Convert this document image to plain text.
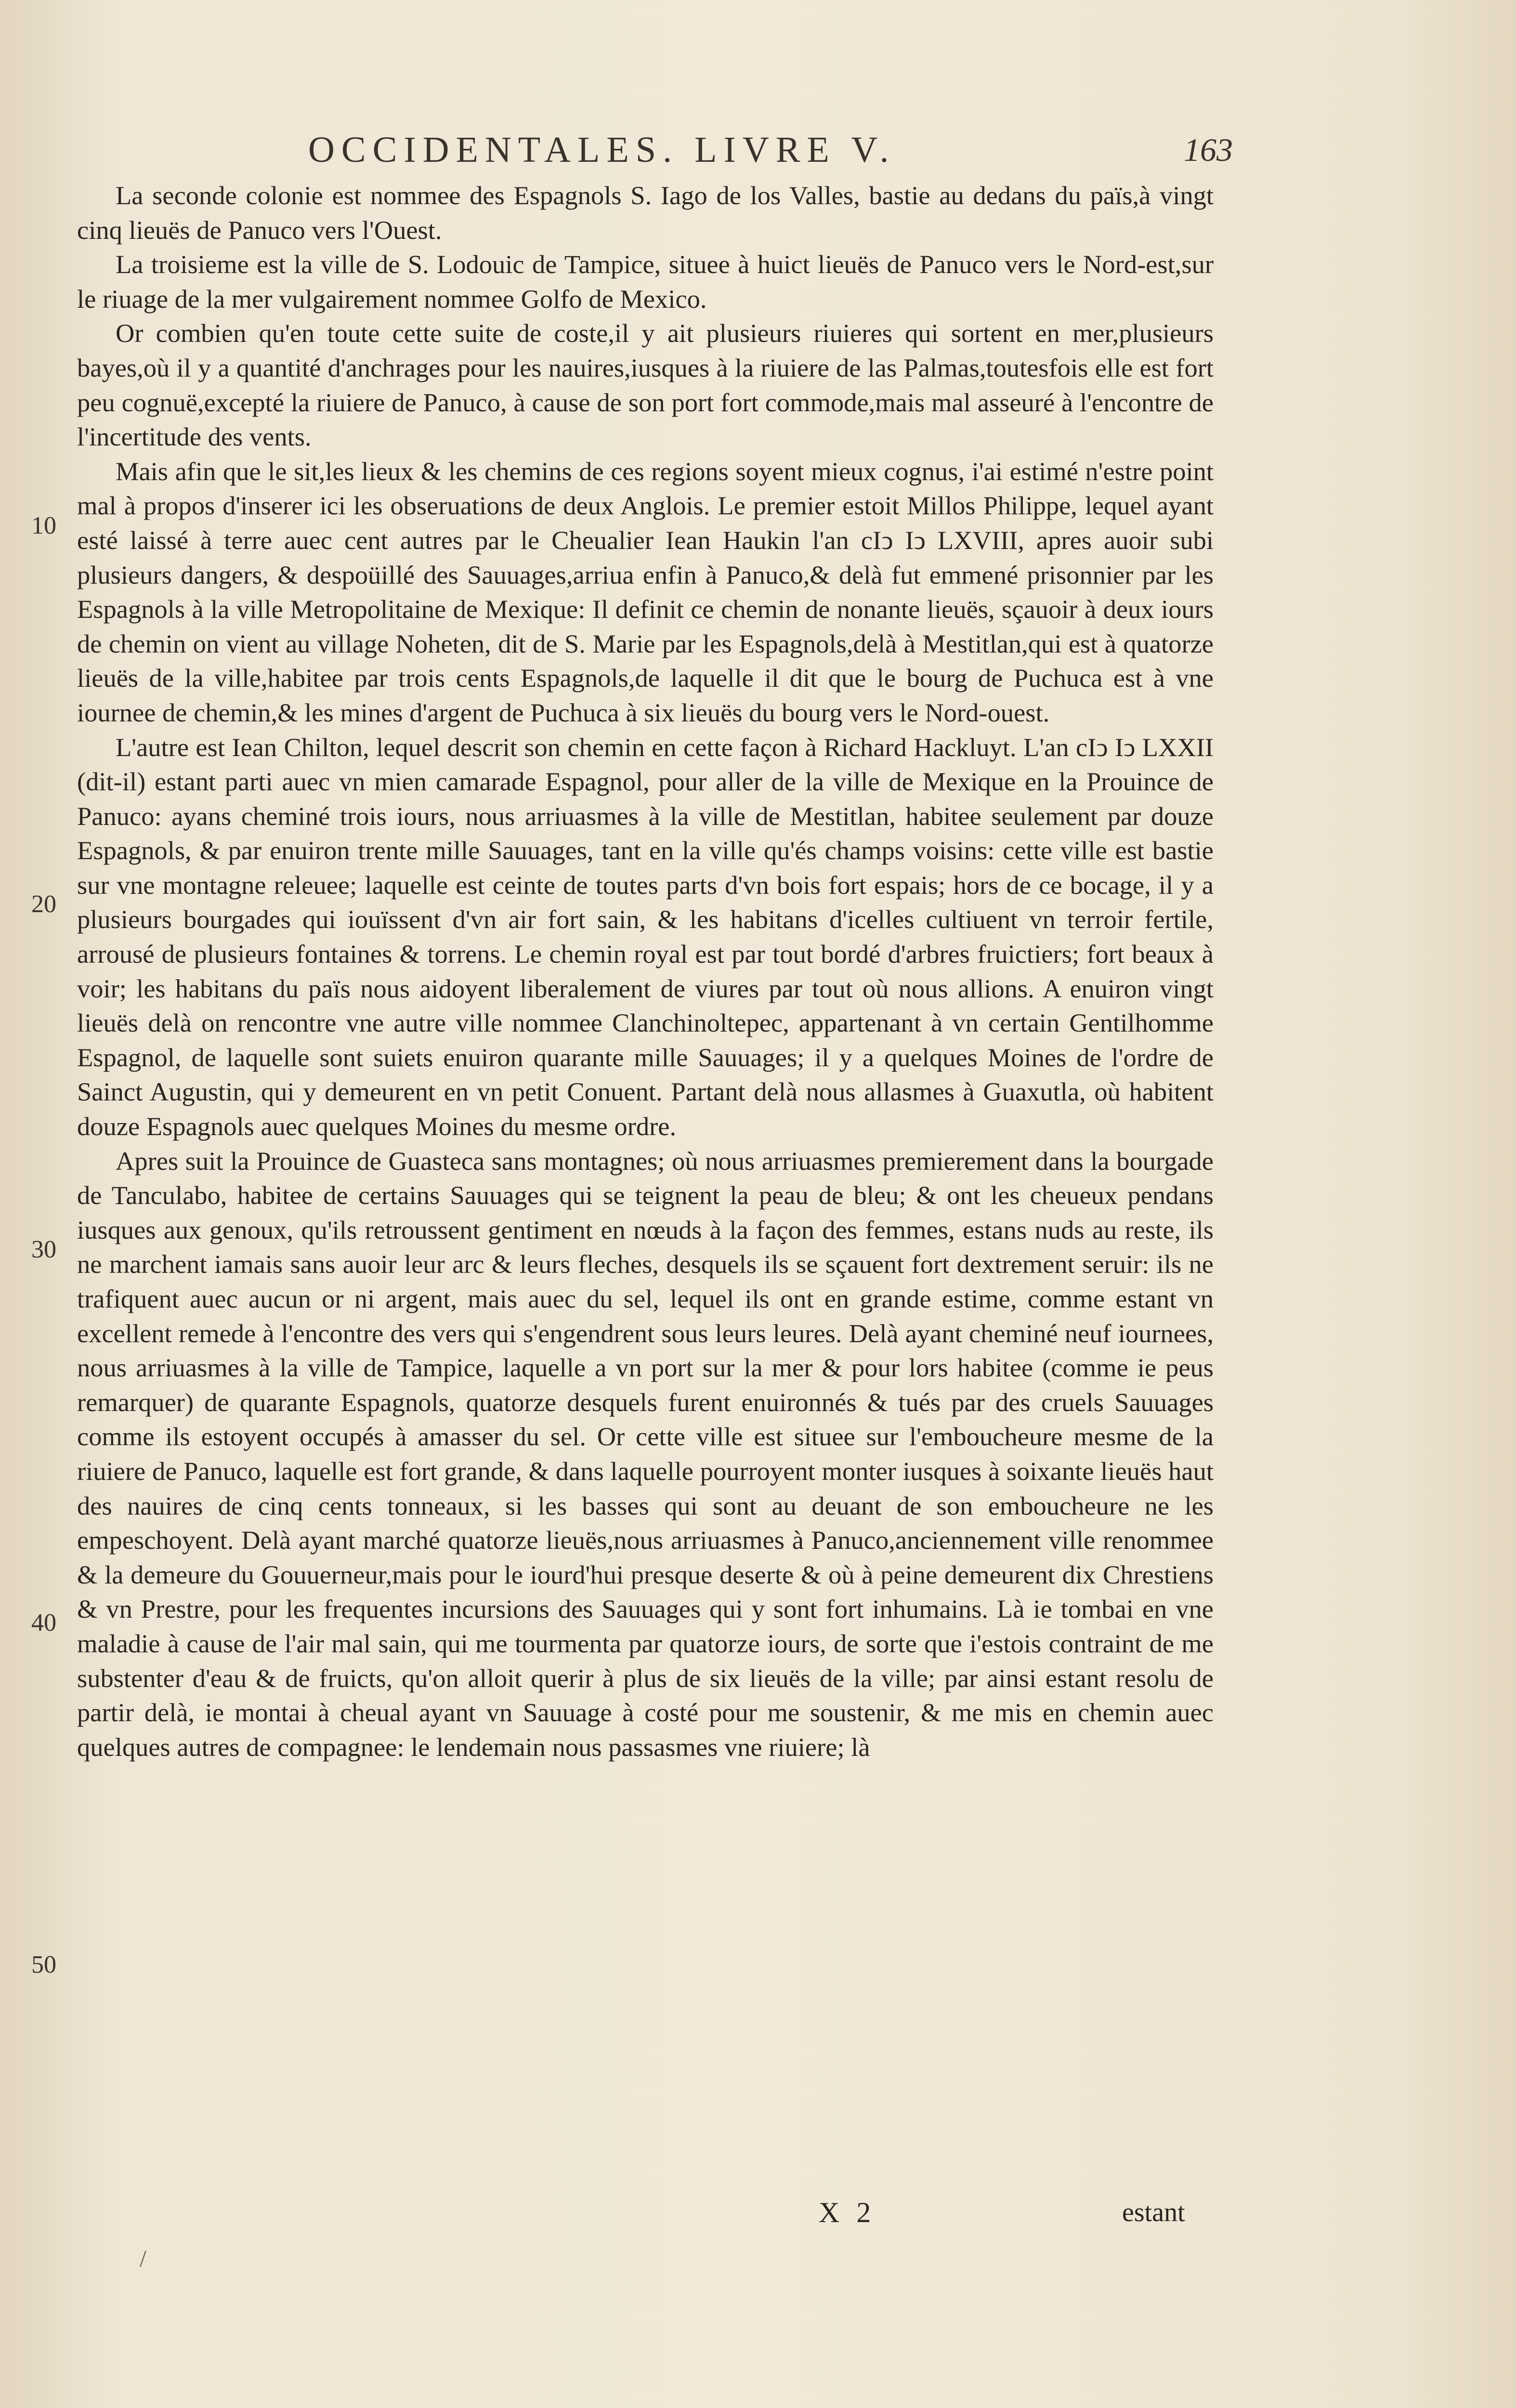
OCCIDENTALES. LIVRE V.	163
10
20
30
40
50

La seconde colonie est nommee des Espagnols S. Iago de los Valles, bastie au dedans du païs,à vingt cinq lieuës de Panuco vers l'Ouest.

La troisieme est la ville de S. Lodouic de Tampice, situee à huict lieuës de Panuco vers le Nord-est,sur le riuage de la mer vulgairement nommee Golfo de Mexico.

Or combien qu'en toute cette suite de coste,il y ait plusieurs riuieres qui sortent en mer,plusieurs bayes,où il y a quantité d'anchrages pour les nauires,iusques à la riuiere de las Palmas,toutesfois elle est fort peu cognuë,excepté la riuiere de Panuco, à cause de son port fort commode,mais mal asseuré à l'encontre de l'incertitude des vents.

Mais afin que le sit,les lieux & les chemins de ces regions soyent mieux cognus, i'ai estimé n'estre point mal à propos d'inserer ici les obseruations de deux Anglois. Le premier estoit Millos Philippe, lequel ayant esté laissé à terre auec cent autres par le Cheualier Iean Haukin l'an cIↄ Iↄ LXVIII, apres auoir subi plusieurs dangers, & despoüillé des Sauuages,arriua enfin à Panuco,& delà fut emmené prisonnier par les Espagnols à la ville Metropolitaine de Mexique: Il definit ce chemin de nonante lieuës, sçauoir à deux iours de chemin on vient au village Noheten, dit de S. Marie par les Espagnols,delà à Mestitlan,qui est à quatorze lieuës de la ville,habitee par trois cents Espagnols,de laquelle il dit que le bourg de Puchuca est à vne iournee de chemin,& les mines d'argent de Puchuca à six lieuës du bourg vers le Nord-ouest.

L'autre est Iean Chilton, lequel descrit son chemin en cette façon à Richard Hackluyt. L'an cIↄ Iↄ LXXII (dit-il) estant parti auec vn mien camarade Espagnol, pour aller de la ville de Mexique en la Prouince de Panuco: ayans cheminé trois iours, nous arriuasmes à la ville de Mestitlan, habitee seulement par douze Espagnols, & par enuiron trente mille Sauuages, tant en la ville qu'és champs voisins: cette ville est bastie sur vne montagne releuee; laquelle est ceinte de toutes parts d'vn bois fort espais; hors de ce bocage, il y a plusieurs bourgades qui iouïssent d'vn air fort sain, & les habitans d'icelles cultiuent vn terroir fertile, arrousé de plusieurs fontaines & torrens. Le chemin royal est par tout bordé d'arbres fruictiers; fort beaux à voir; les habitans du païs nous aidoyent liberalement de viures par tout où nous allions. A enuiron vingt lieuës delà on rencontre vne autre ville nommee Clanchinoltepec, appartenant à vn certain Gentilhomme Espagnol, de laquelle sont suiets enuiron quarante mille Sauuages; il y a quelques Moines de l'ordre de Sainct Augustin, qui y demeurent en vn petit Conuent. Partant delà nous allasmes à Guaxutla, où habitent douze Espagnols auec quelques Moines du mesme ordre.

Apres suit la Prouince de Guasteca sans montagnes; où nous arriuasmes premierement dans la bourgade de Tanculabo, habitee de certains Sauuages qui se teignent la peau de bleu; & ont les cheueux pendans iusques aux genoux, qu'ils retroussent gentiment en nœuds à la façon des femmes, estans nuds au reste, ils ne marchent iamais sans auoir leur arc & leurs fleches, desquels ils se sçauent fort dextrement seruir: ils ne trafiquent auec aucun or ni argent, mais auec du sel, lequel ils ont en grande estime, comme estant vn excellent remede à l'encontre des vers qui s'engendrent sous leurs leures. Delà ayant cheminé neuf iournees, nous arriuasmes à la ville de Tampice, laquelle a vn port sur la mer & pour lors habitee (comme ie peus remarquer) de quarante Espagnols, quatorze desquels furent enuironnés & tués par des cruels Sauuages comme ils estoyent occupés à amasser du sel. Or cette ville est situee sur l'emboucheure mesme de la riuiere de Panuco, laquelle est fort grande, & dans laquelle pourroyent monter iusques à soixante lieuës haut des nauires de cinq cents tonneaux, si les basses qui sont au deuant de son emboucheure ne les empeschoyent. Delà ayant marché quatorze lieuës,nous arriuasmes à Panuco,anciennement ville renommee & la demeure du Gouuerneur,mais pour le iourd'hui presque deserte & où à peine demeurent dix Chrestiens & vn Prestre, pour les frequentes incursions des Sauuages qui y sont fort inhumains. Là ie tombai en vne maladie à cause de l'air mal sain, qui me tourmenta par quatorze iours, de sorte que i'estois contraint de me substenter d'eau & de fruicts, qu'on alloit querir à plus de six lieuës de la ville; par ainsi estant resolu de partir delà, ie montai à cheual ayant vn Sauuage à costé pour me soustenir, & me mis en chemin auec quelques autres de compagnee: le lendemain nous passasmes vne riuiere; là

X 2	estant
/
